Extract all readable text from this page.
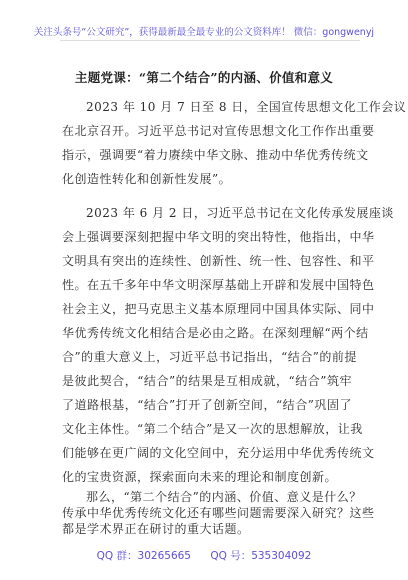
关注头条号“公文研究”，获得最新最全最专业的公文资料库！ 微信：gongwenyj
主题党课：“第二个结合”的内涵、价值和意义
2023 年 10 月 7 日至 8 日，全国宣传思想文化工作会议
在北京召开。习近平总书记对宣传思想文化工作作出重要
指示，强调要“着力赓续中华文脉、推动中华优秀传统文
化创造性转化和创新性发展”。
2023 年 6 月 2 日，习近平总书记在文化传承发展座谈
会上强调要深刻把握中华文明的突出特性，他指出，中华
文明具有突出的连续性、创新性、统一性、包容性、和平
性。在五千多年中华文明深厚基础上开辟和发展中国特色
社会主义，把马克思主义基本原理同中国具体实际、同中
华优秀传统文化相结合是必由之路。在深刻理解“两个结
合”的重大意义上，习近平总书记指出，“结合”的前提
是彼此契合，“结合”的结果是互相成就，“结合”筑牢
了道路根基，“结合”打开了创新空间，“结合”巩固了
文化主体性。“第二个结合”是又一次的思想解放，让我
们能够在更广阔的文化空间中，充分运用中华优秀传统文
化的宝贵资源，探索面向未来的理论和制度创新。
那么，“第二个结合”的内涵、价值、意义是什么？
QQ 群：30265665 QQ 号：535304092
传承中华优秀传统文化还有哪些问题需要深入研究？这些
都是学术界正在研讨的重大话题。
